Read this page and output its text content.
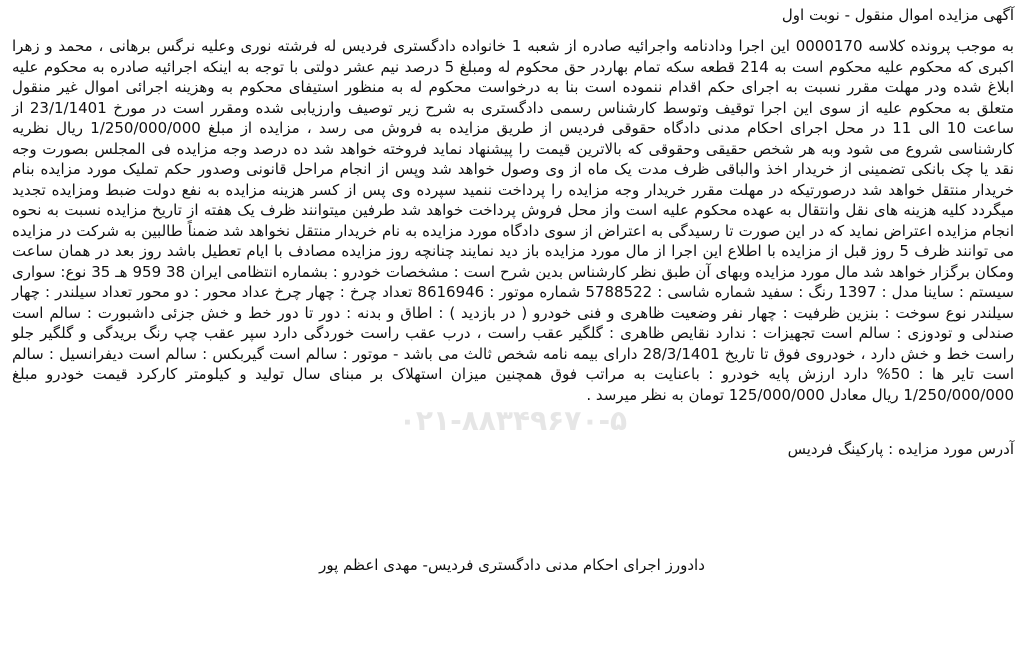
آگهی مزایده اموال منقول - نوبت اول

به موجب پرونده کلاسه 0000170 این اجرا ودادنامه واجرائیه صادره از شعبه 1 خانواده دادگستری فردیس له فرشته نوری وعلیه نرگس برهانی ، محمد و زهرا اکبری که محکوم علیه محکوم است به 214 قطعه سکه تمام بهاردر حق محکوم له ومبلغ 5 درصد نیم عشر دولتی با توجه به اینکه اجرائیه صادره به محکوم علیه ابلاغ شده ودر مهلت مقرر نسبت به اجرای حکم اقدام ننموده است بنا به درخواست محکوم له به منظور استیفای محکوم به وهزینه اجرائی اموال غیر منقول متعلق به محکوم علیه از سوی این اجرا توقیف وتوسط کارشناس رسمی دادگستری به شرح زیر توصیف وارزیابی شده ومقرر است در مورخ 23/1/1401 از ساعت 10 الی 11 در محل اجرای احکام مدنی دادگاه حقوقی فردیس از طریق مزایده به فروش می رسد ، مزایده از مبلغ 1/250/000/000 ریال نظریه کارشناسی شروع می شود وبه هر شخص حقیقی وحقوقی که بالاترین قیمت را پیشنهاد نماید فروخته خواهد شد ده درصد وجه مزایده فی المجلس بصورت وجه نقد یا چک بانکی تضمینی از خریدار اخذ والباقی ظرف مدت یک ماه از وی وصول خواهد شد وپس از انجام مراحل قانونی وصدور حکم تملیک مورد مزایده بنام خریدار منتقل خواهد شد درصورتیکه در مهلت مقرر خریدار وجه مزایده را پرداخت ننمید سپرده وی پس از کسر هزینه مزایده به نفع دولت ضبط ومزایده تجدید میگردد کلیه هزینه های نقل وانتقال به عهده محکوم علیه است واز محل فروش پرداخت خواهد شد طرفین میتوانند ظرف یک هفته از تاریخ مزایده نسبت به نحوه انجام مزایده اعتراض نماید که در این صورت تا رسیدگی به اعتراض از سوی دادگاه مورد مزایده به نام خریدار منتقل نخواهد شد ضمناً طالبین به شرکت در مزایده می توانند ظرف 5 روز قبل از مزایده با اطلاع این اجرا از مال مورد مزایده باز دید نمایند چنانچه روز مزایده مصادف با ایام تعطیل باشد روز بعد در همان ساعت ومکان برگزار خواهد شد مال مورد مزایده وبهای آن طبق نظر کارشناس بدین شرح است : مشخصات خودرو : بشماره انتظامی ایران 38 959 هـ 35 نوع: سواری سیستم : ساینا مدل : 1397 رنگ : سفید شماره شاسی : 5788522 شماره موتور : 8616946 تعداد چرخ : چهار چرخ عداد محور : دو محور تعداد سیلندر : چهار سیلندر نوع سوخت : بنزین ظرفیت : چهار نفر وضعیت ظاهری و فنی خودرو ( در بازدید ) : اطاق و بدنه : دور تا دور خط و خش جزئی داشبورت : سالم است صندلی و تودوزی : سالم است تجهیزات : ندارد نقایص ظاهری : گلگیر عقب راست ، درب عقب راست خوردگی دارد سپر عقب چپ رنگ بریدگی و گلگیر جلو راست خط و خش دارد ، خودروی فوق تا تاریخ 28/3/1401 دارای بیمه نامه شخص ثالث می باشد - موتور : سالم است گیربکس : سالم است دیفرانسیل : سالم است تایر ها : 50% دارد ارزش پایه خودرو : باعنایت به مراتب فوق همچنین میزان استهلاک بر مبنای سال تولید و کیلومتر کارکرد قیمت خودرو مبلغ 1/250/000/000 ریال معادل 125/000/000 تومان به نظر میرسد .

۰۲۱-۸۸۳۴۹۶۷۰-۵

آدرس مورد مزایده : پارکینگ فردیس

دادورز اجرای احکام مدنی دادگستری فردیس- مهدی اعظم پور
